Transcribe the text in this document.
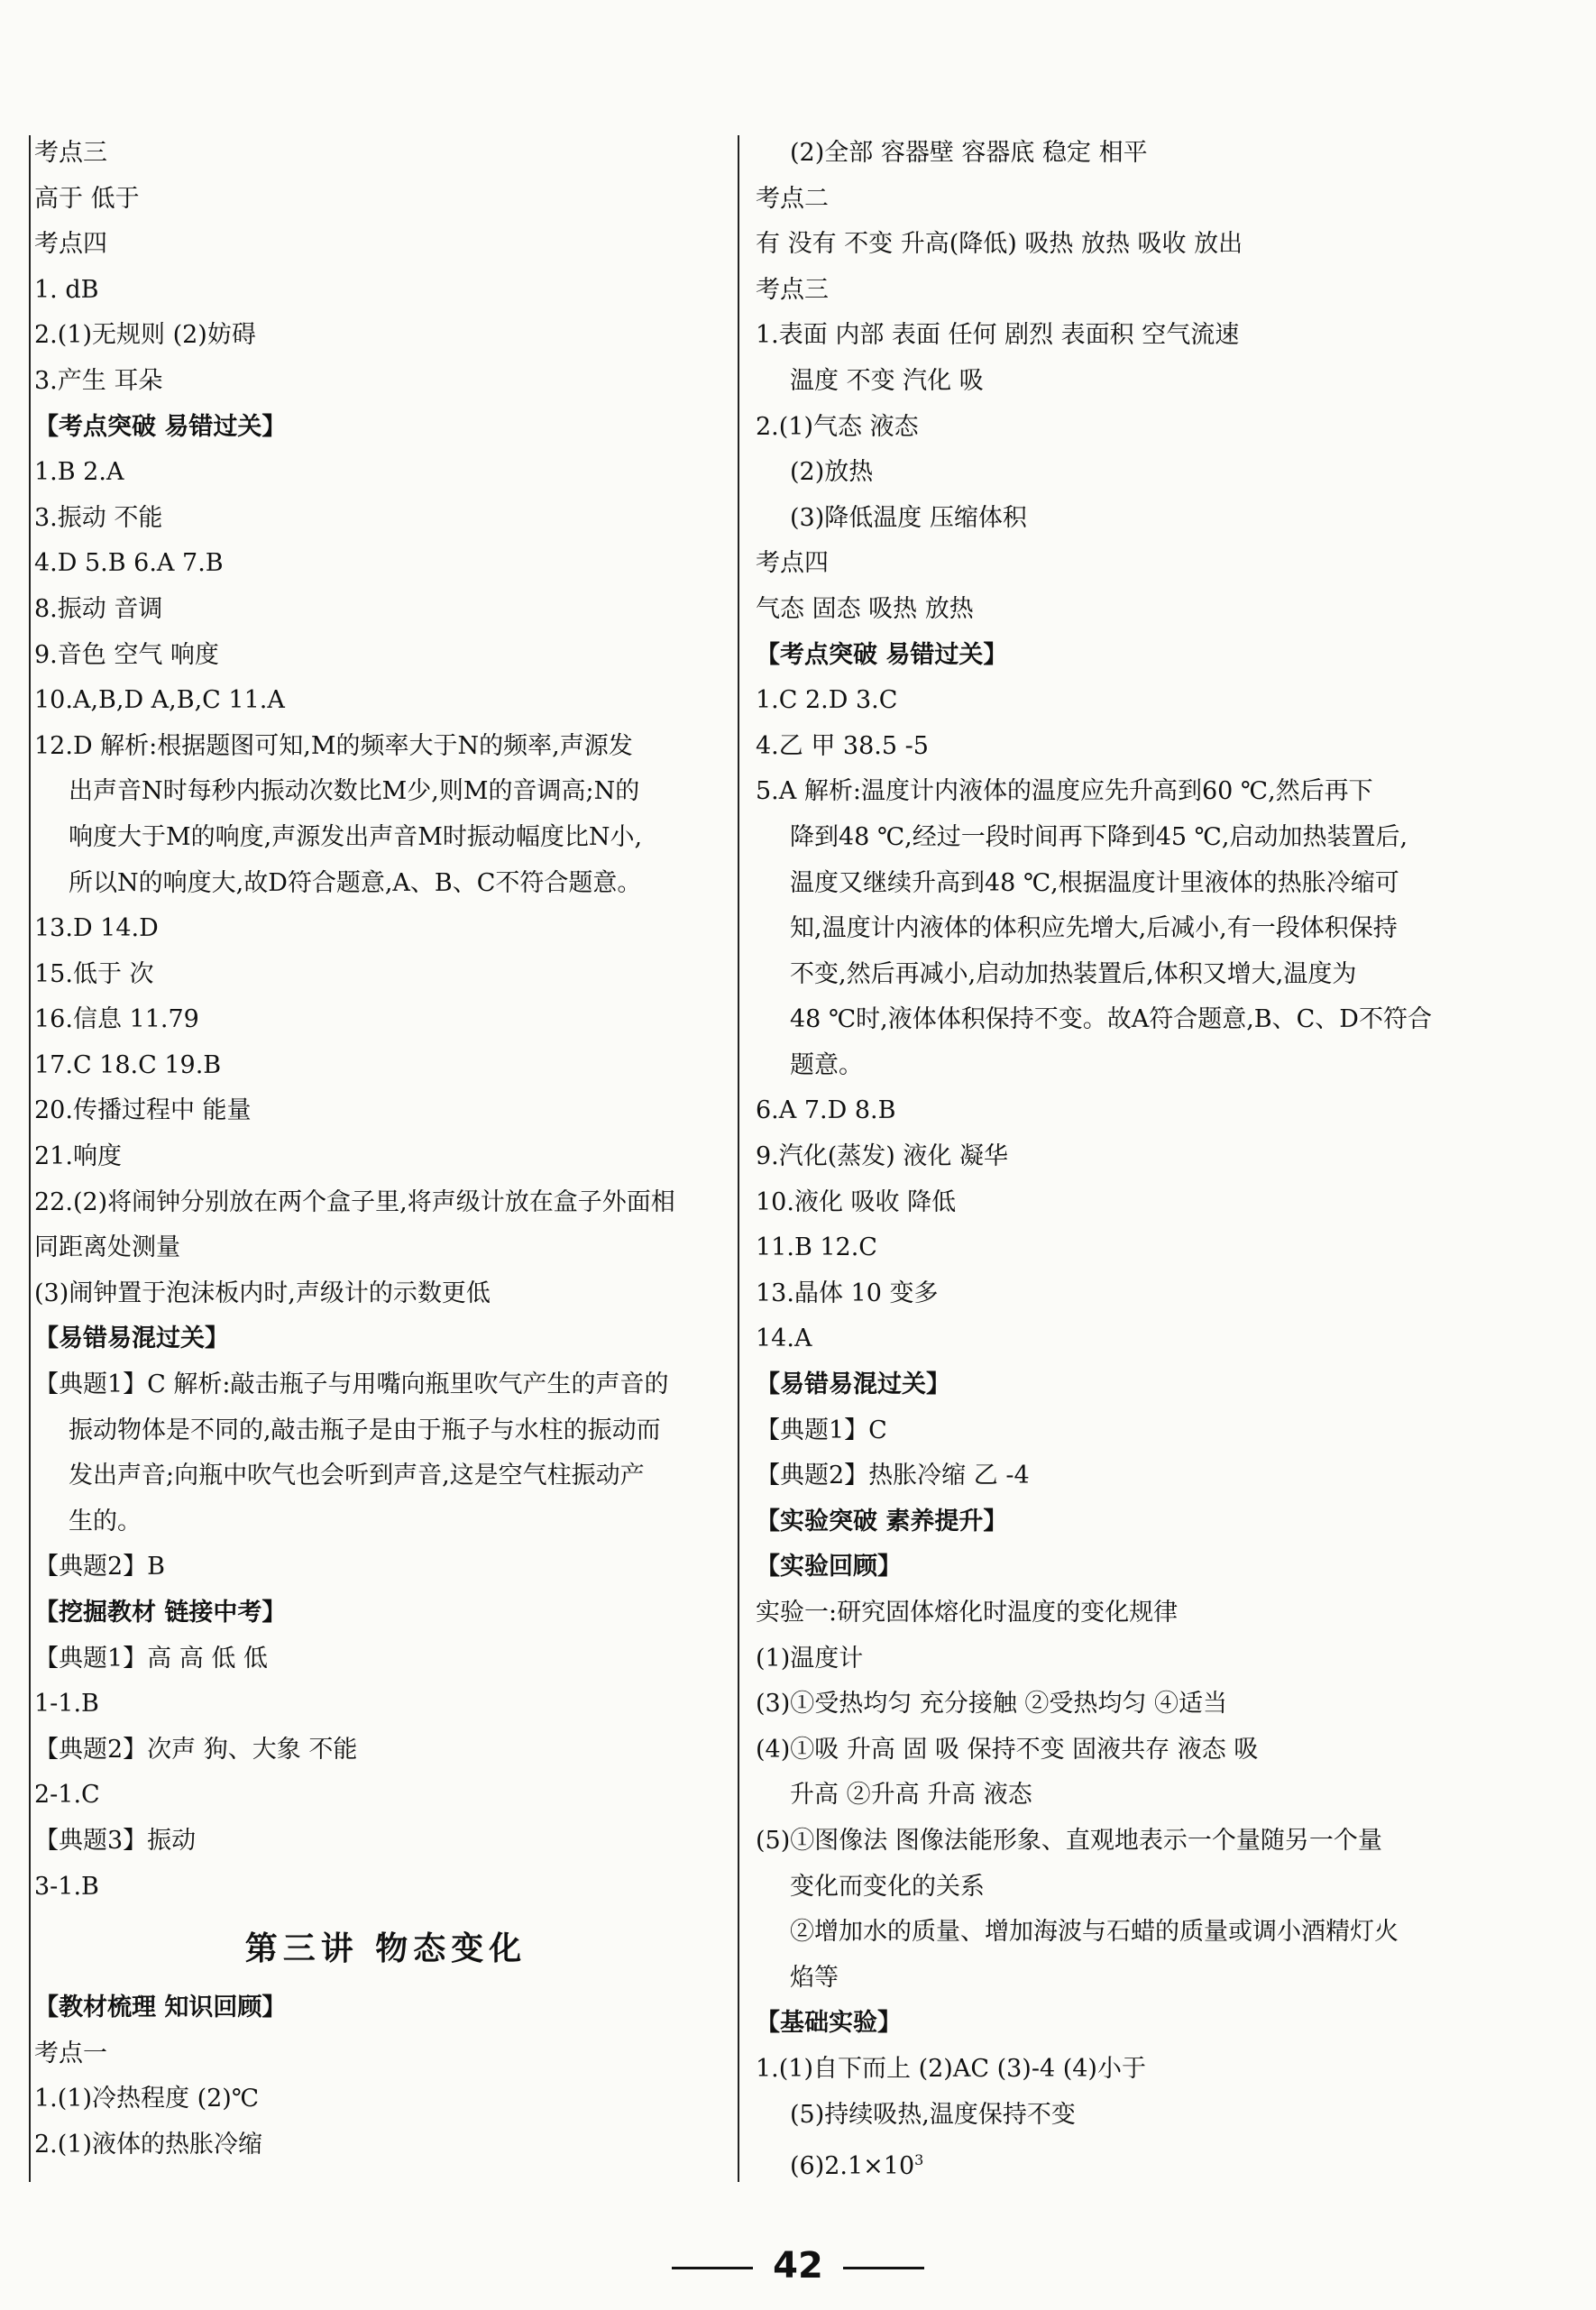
考点三
高于 低于
考点四
1. dB
2.(1)无规则 (2)妨碍
3.产生 耳朵
【考点突破 易错过关】
1.B 2.A
3.振动 不能
4.D 5.B 6.A 7.B
8.振动 音调
9.音色 空气 响度
10.A,B,D A,B,C 11.A
12.D 解析:根据题图可知,M的频率大于N的频率,声源发
出声音N时每秒内振动次数比M少,则M的音调高;N的
响度大于M的响度,声源发出声音M时振动幅度比N小,
所以N的响度大,故D符合题意,A、B、C不符合题意。
13.D 14.D
15.低于 次
16.信息 11.79
17.C 18.C 19.B
20.传播过程中 能量
21.响度
22.(2)将闹钟分别放在两个盒子里,将声级计放在盒子外面相
同距离处测量
(3)闹钟置于泡沫板内时,声级计的示数更低
【易错易混过关】
【典题1】C 解析:敲击瓶子与用嘴向瓶里吹气产生的声音的
振动物体是不同的,敲击瓶子是由于瓶子与水柱的振动而
发出声音;向瓶中吹气也会听到声音,这是空气柱振动产
生的。
【典题2】B
【挖掘教材 链接中考】
【典题1】高 高 低 低
1-1.B
【典题2】次声 狗、大象 不能
2-1.C
【典题3】振动
3-1.B
第三讲 物态变化
【教材梳理 知识回顾】
考点一
1.(1)冷热程度 (2)℃
2.(1)液体的热胀冷缩
(2)全部 容器壁 容器底 稳定 相平
考点二
有 没有 不变 升高(降低) 吸热 放热 吸收 放出
考点三
1.表面 内部 表面 任何 剧烈 表面积 空气流速
温度 不变 汽化 吸
2.(1)气态 液态
(2)放热
(3)降低温度 压缩体积
考点四
气态 固态 吸热 放热
【考点突破 易错过关】
1.C 2.D 3.C
4.乙 甲 38.5 -5
5.A 解析:温度计内液体的温度应先升高到60 ℃,然后再下
降到48 ℃,经过一段时间再下降到45 ℃,启动加热装置后,
温度又继续升高到48 ℃,根据温度计里液体的热胀冷缩可
知,温度计内液体的体积应先增大,后减小,有一段体积保持
不变,然后再减小,启动加热装置后,体积又增大,温度为
48 ℃时,液体体积保持不变。故A符合题意,B、C、D不符合
题意。
6.A 7.D 8.B
9.汽化(蒸发) 液化 凝华
10.液化 吸收 降低
11.B 12.C
13.晶体 10 变多
14.A
【易错易混过关】
【典题1】C
【典题2】热胀冷缩 乙 -4
【实验突破 素养提升】
【实验回顾】
实验一:研究固体熔化时温度的变化规律
(1)温度计
(3)①受热均匀 充分接触 ②受热均匀 ④适当
(4)①吸 升高 固 吸 保持不变 固液共存 液态 吸
升高 ②升高 升高 液态
(5)①图像法 图像法能形象、直观地表示一个量随另一个量
变化而变化的关系
②增加水的质量、增加海波与石蜡的质量或调小酒精灯火
焰等
【基础实验】
1.(1)自下而上 (2)AC (3)-4 (4)小于
(5)持续吸热,温度保持不变
$(6)2.1\times 10^3$
42
